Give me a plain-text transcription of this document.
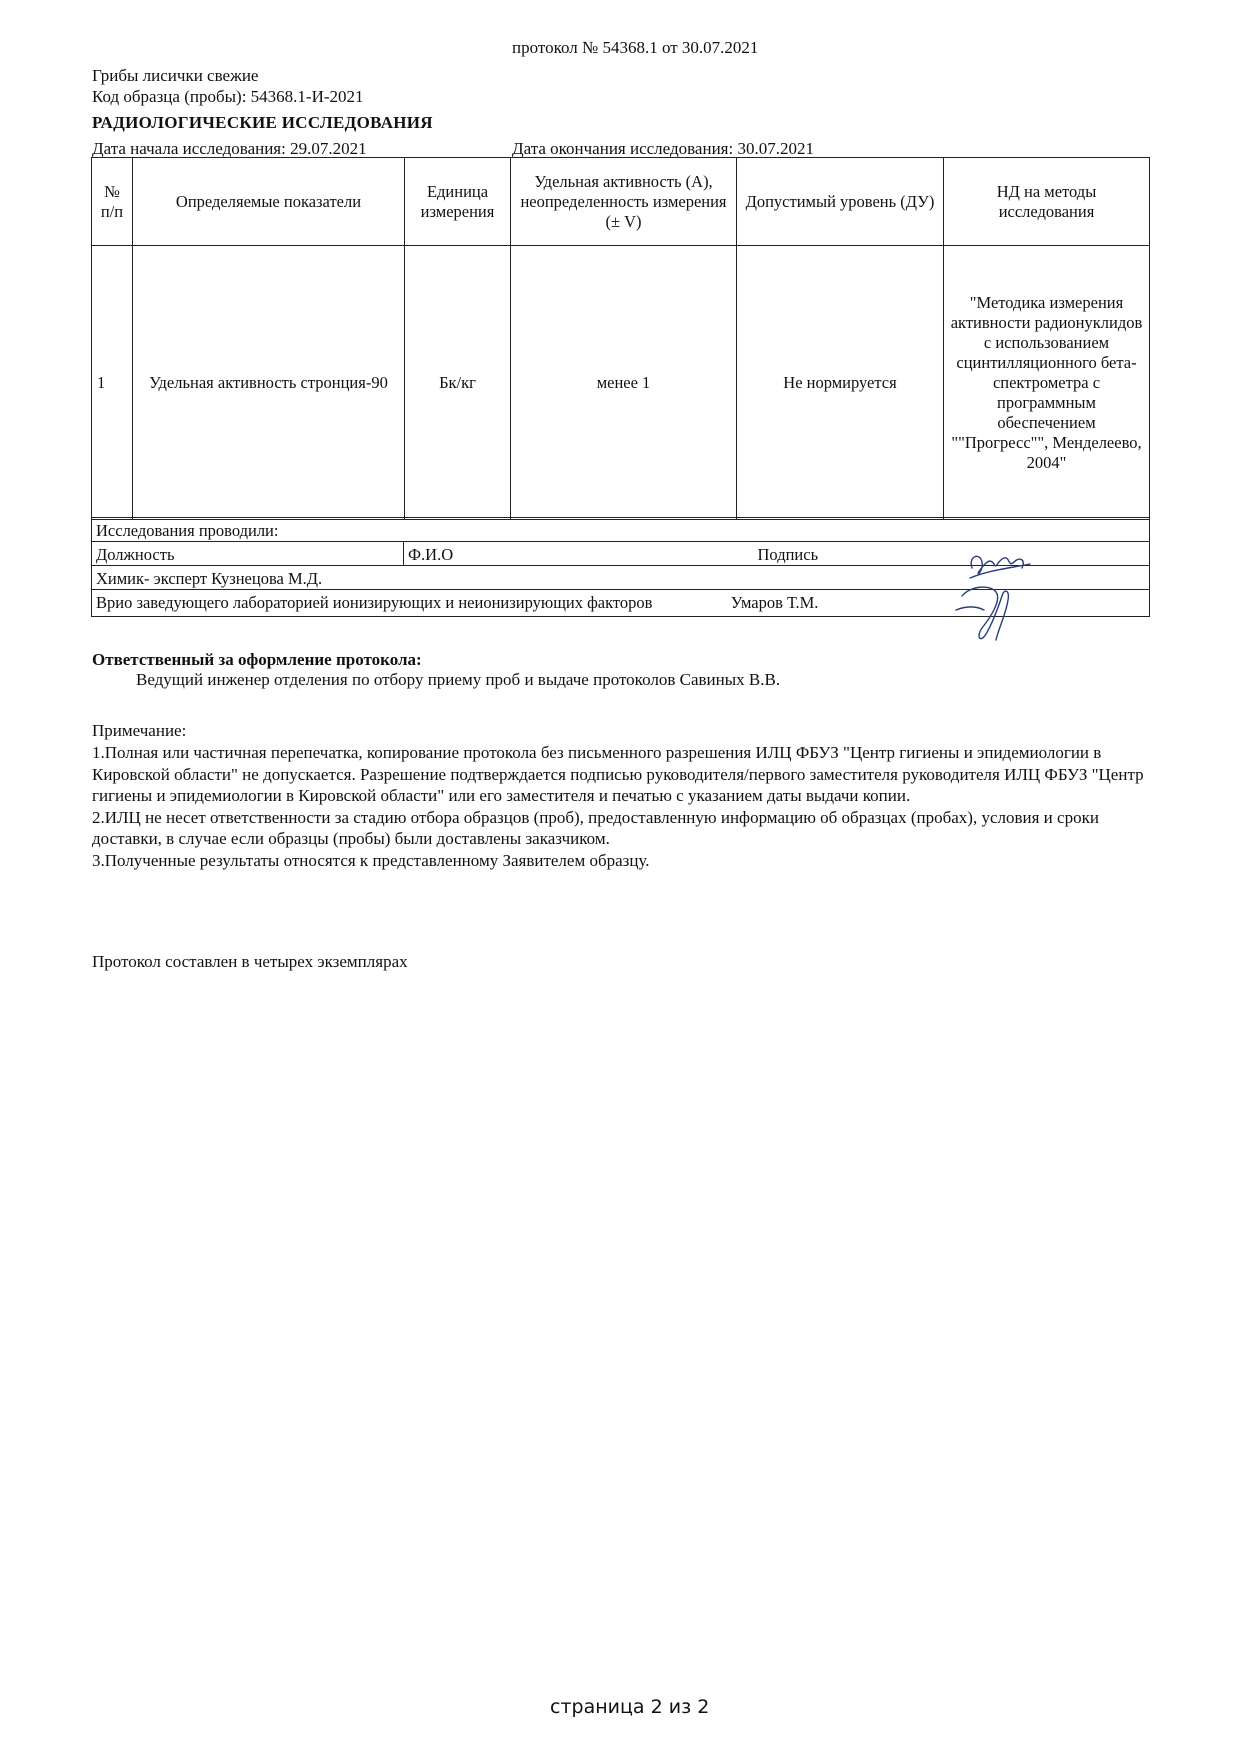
протокол № 54368.1 от 30.07.2021
Грибы лисички свежие
Код образца (пробы): 54368.1-И-2021
РАДИОЛОГИЧЕСКИЕ ИССЛЕДОВАНИЯ
Дата начала исследования: 29.07.2021	Дата окончания исследования: 30.07.2021
№ п/п	Определяемые показатели	Единица измерения	Удельная активность (А), неопределенность измерения (± V)	Допустимый уровень (ДУ)	НД на методы исследования
1	Удельная активность стронция-90	Бк/кг	менее 1	Не нормируется	"Методика измерения активности радионуклидов с использованием сцинтилляционного бета-спектрометра с программным обеспечением ""Прогресс"", Менделеево, 2004"
Исследования проводили:
Должность	Ф.И.О	Подпись
Химик- эксперт Кузнецова М.Д.
Врио заведующего лабораторией ионизирующих и неионизирующих факторов	Умаров Т.М.
Ответственный за оформление протокола:
Ведущий инженер отделения по отбору приему проб и выдаче протоколов Савиных В.В.
Примечание:
1.Полная или частичная перепечатка, копирование протокола без письменного разрешения ИЛЦ ФБУЗ "Центр гигиены и эпидемиологии в Кировской области" не допускается. Разрешение подтверждается подписью руководителя/первого заместителя руководителя ИЛЦ ФБУЗ "Центр гигиены и эпидемиологии в Кировской области" или его заместителя и печатью с указанием даты выдачи копии.
2.ИЛЦ не несет ответственности за стадию отбора образцов (проб), предоставленную информацию об образцах (пробах), условия и сроки доставки, в случае если образцы (пробы) были доставлены заказчиком.
3.Полученные результаты относятся к представленному Заявителем образцу.
Протокол составлен в четырех экземплярах
страница 2 из 2
